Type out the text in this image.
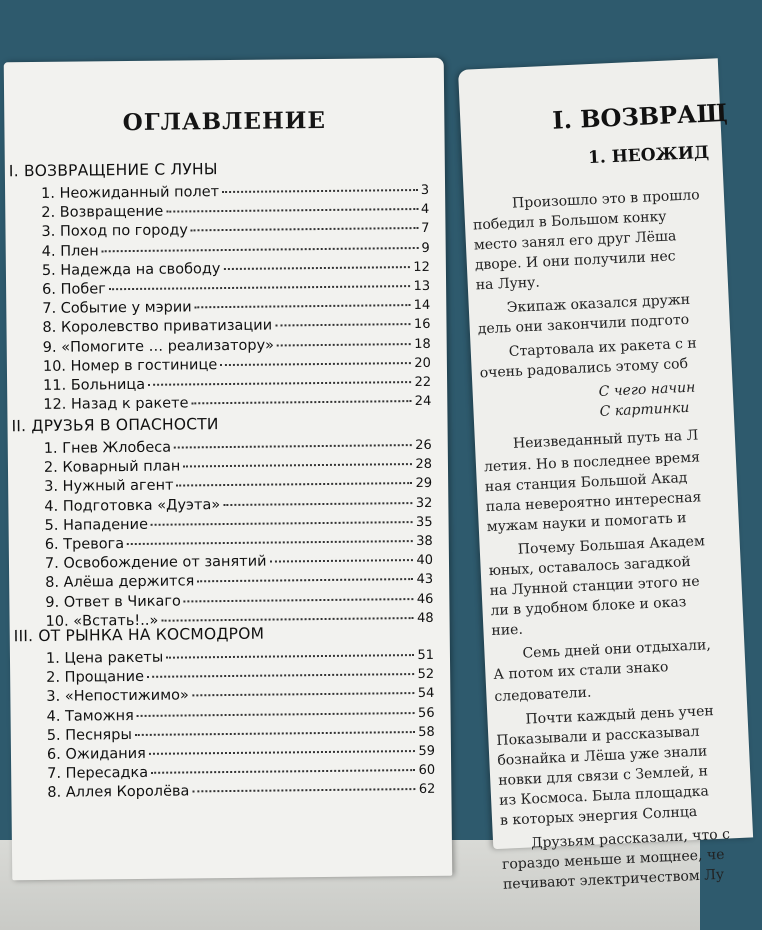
ОГЛАВЛЕНИЕ
I. ВОЗВРАЩЕНИЕ С ЛУНЫ
1. Неожиданный полет	3
2. Возвращение	4
3. Поход по городу	7
4. Плен	9
5. Надежда на свободу	12
6. Побег	13
7. Событие у мэрии	14
8. Королевство приватизации	16
9. «Помогите … реализатору»	18
10. Номер в гостинице	20
11. Больница	22
12. Назад к ракете	24
II. ДРУЗЬЯ В ОПАСНОСТИ
1. Гнев Жлобеса	26
2. Коварный план	28
3. Нужный агент	29
4. Подготовка «Дуэта»	32
5. Нападение	35
6. Тревога	38
7. Освобождение от занятий	40
8. Алёша держится	43
9. Ответ в Чикаго	46
10. «Встать!..»	48
III. ОТ РЫНКА НА КОСМОДРОМ
1. Цена ракеты	51
2. Прощание	52
3. «Непостижимо»	54
4. Таможня	56
5. Песняры	58
6. Ожидания	59
7. Пересадка	60
8. Аллея Королёва	62
I. ВОЗВРАЩ
1. НЕОЖИД
Произошло это в прошло
победил в Большом конку
место занял его друг Лёша
дворе. И они получили нес
на Луну.
Экипаж оказался дружн
дель они закончили подгото
Стартовала их ракета с н
очень радовались этому соб
С чего начин
С картинки
Неизведанный путь на Л
летия. Но в последнее время
ная станция Большой Акад
пала невероятно интересная
мужам науки и помогать и
Почему Большая Академ
юных, оставалось загадкой
на Лунной станции этого не
ли в удобном блоке и оказ
ние.
Семь дней они отдыхали,
А потом их стали знако
следователи.
Почти каждый день учен
Показывали и рассказывал
бознайка и Лёша уже знали
новки для связи с Землей, н
из Космоса. Была площадка
в которых энергия Солнца
Друзьям рассказали, что с
гораздо меньше и мощнее, че
печивают электричеством Лу
